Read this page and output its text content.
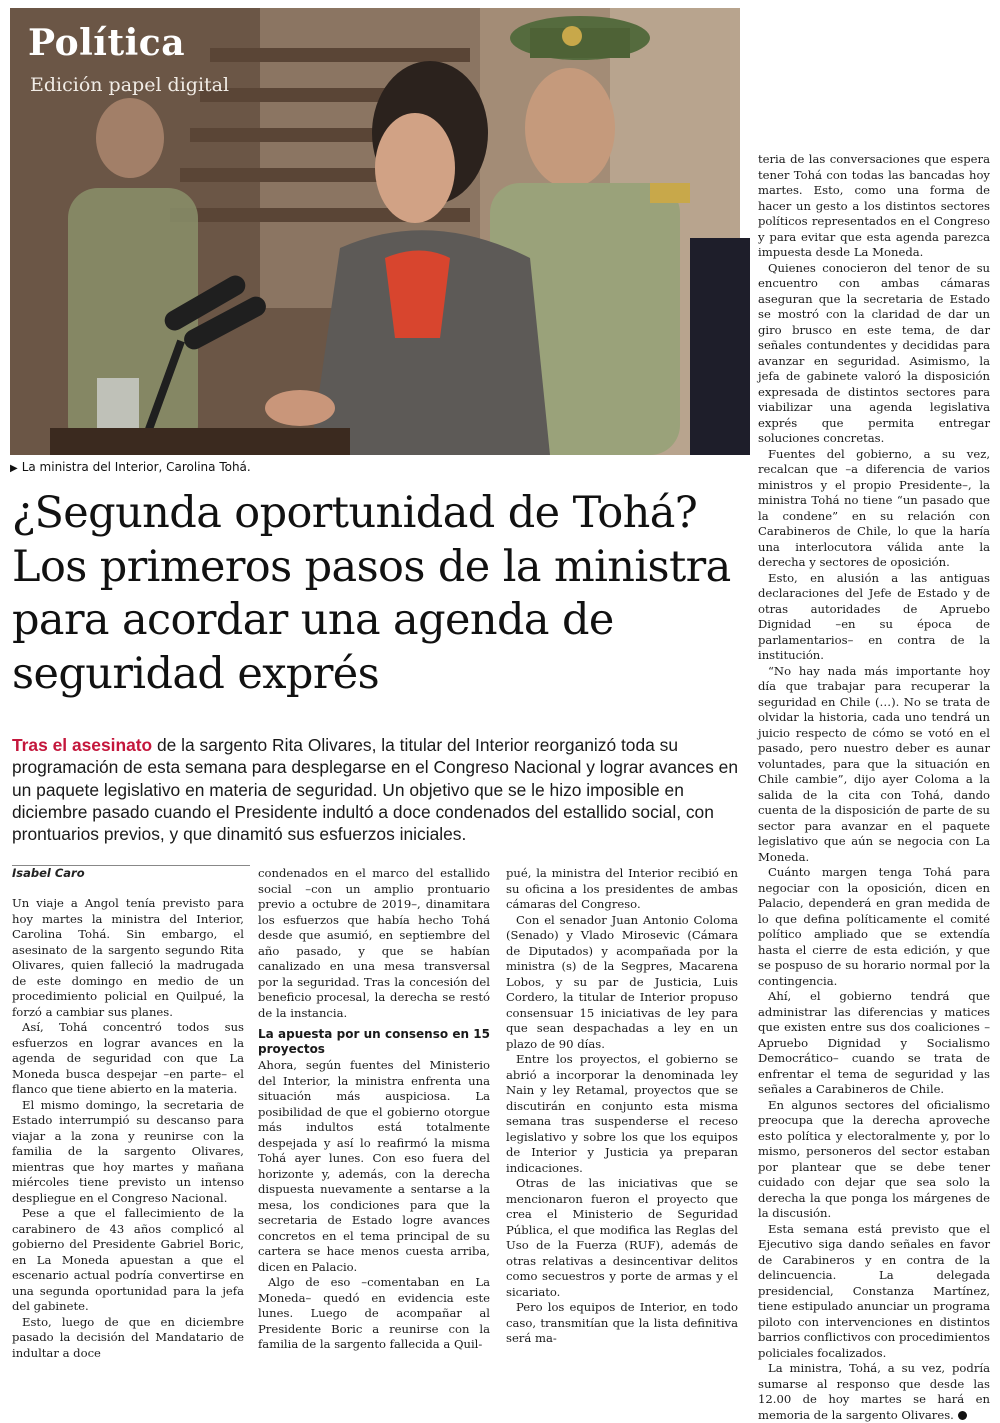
Política
Edición papel digital
▶ La ministra del Interior, Carolina Tohá.
¿Segunda oportunidad de Tohá? Los primeros pasos de la ministra para acordar una agenda de seguridad exprés
Tras el asesinato de la sargento Rita Olivares, la titular del Interior reorganizó toda su programación de esta semana para desplegarse en el Congreso Nacional y lograr avances en un paquete legislativo en materia de seguridad. Un objetivo que se le hizo imposible en diciembre pasado cuando el Presidente indultó a doce condenados del estallido social, con prontuarios previos, y que dinamitó sus esfuerzos iniciales.
Isabel Caro

Un viaje a Angol tenía previsto para hoy martes la ministra del Interior, Carolina Tohá. Sin embargo, el asesinato de la sargento segundo Rita Olivares, quien falleció la madrugada de este domingo en medio de un procedimiento policial en Quilpué, la forzó a cambiar sus planes.

Así, Tohá concentró todos sus esfuerzos en lograr avances en la agenda de seguridad con que La Moneda busca despejar –en parte– el flanco que tiene abierto en la materia.

El mismo domingo, la secretaria de Estado interrumpió su descanso para viajar a la zona y reunirse con la familia de la sargento Olivares, mientras que hoy martes y mañana miércoles tiene previsto un intenso despliegue en el Congreso Nacional.

Pese a que el fallecimiento de la carabinero de 43 años complicó al gobierno del Presidente Gabriel Boric, en La Moneda apuestan a que el escenario actual podría convertirse en una segunda oportunidad para la jefa del gabinete.

Esto, luego de que en diciembre pasado la decisión del Mandatario de indultar a doce

condenados en el marco del estallido social –con un amplio prontuario previo a octubre de 2019–, dinamitara los esfuerzos que había hecho Tohá desde que asumió, en septiembre del año pasado, y que se habían canalizado en una mesa transversal por la seguridad. Tras la concesión del beneficio procesal, la derecha se restó de la instancia.

La apuesta por un consenso en 15 proyectos

Ahora, según fuentes del Ministerio del Interior, la ministra enfrenta una situación más auspiciosa. La posibilidad de que el gobierno otorgue más indultos está totalmente despejada y así lo reafirmó la misma Tohá ayer lunes. Con eso fuera del horizonte y, además, con la derecha dispuesta nuevamente a sentarse a la mesa, los condiciones para que la secretaria de Estado logre avances concretos en el tema principal de su cartera se hace menos cuesta arriba, dicen en Palacio.

Algo de eso –comentaban en La Moneda– quedó en evidencia este lunes. Luego de acompañar al Presidente Boric a reunirse con la familia de la sargento fallecida a Quil-

pué, la ministra del Interior recibió en su oficina a los presidentes de ambas cámaras del Congreso.

Con el senador Juan Antonio Coloma (Senado) y Vlado Mirosevic (Cámara de Diputados) y acompañada por la ministra (s) de la Segpres, Macarena Lobos, y su par de Justicia, Luis Cordero, la titular de Interior propuso consensuar 15 iniciativas de ley para que sean despachadas a ley en un plazo de 90 días.

Entre los proyectos, el gobierno se abrió a incorporar la denominada ley Nain y ley Retamal, proyectos que se discutirán en conjunto esta misma semana tras suspenderse el receso legislativo y sobre los que los equipos de Interior y Justicia ya preparan indicaciones.

Otras de las iniciativas que se mencionaron fueron el proyecto que crea el Ministerio de Seguridad Pública, el que modifica las Reglas del Uso de la Fuerza (RUF), además de otras relativas a desincentivar delitos como secuestros y porte de armas y el sicariato.

Pero los equipos de Interior, en todo caso, transmitían que la lista definitiva será ma-

teria de las conversaciones que espera tener Tohá con todas las bancadas hoy martes. Esto, como una forma de hacer un gesto a los distintos sectores políticos representados en el Congreso y para evitar que esta agenda parezca impuesta desde La Moneda.

Quienes conocieron del tenor de su encuentro con ambas cámaras aseguran que la secretaria de Estado se mostró con la claridad de dar un giro brusco en este tema, de dar señales contundentes y decididas para avanzar en seguridad. Asimismo, la jefa de gabinete valoró la disposición expresada de distintos sectores para viabilizar una agenda legislativa exprés que permita entregar soluciones concretas.

Fuentes del gobierno, a su vez, recalcan que –a diferencia de varios ministros y el propio Presidente–, la ministra Tohá no tiene “un pasado que la condene” en su relación con Carabineros de Chile, lo que la haría una interlocutora válida ante la derecha y sectores de oposición.

Esto, en alusión a las antiguas declaraciones del Jefe de Estado y de otras autoridades de Apruebo Dignidad –en su época de parlamentarios– en contra de la institución.

“No hay nada más importante hoy día que trabajar para recuperar la seguridad en Chile (…). No se trata de olvidar la historia, cada uno tendrá un juicio respecto de cómo se votó en el pasado, pero nuestro deber es aunar voluntades, para que la situación en Chile cambie”, dijo ayer Coloma a la salida de la cita con Tohá, dando cuenta de la disposición de parte de su sector para avanzar en el paquete legislativo que aún se negocia con La Moneda.

Cuánto margen tenga Tohá para negociar con la oposición, dicen en Palacio, dependerá en gran medida de lo que defina políticamente el comité político ampliado que se extendía hasta el cierre de esta edición, y que se pospuso de su horario normal por la contingencia.

Ahí, el gobierno tendrá que administrar las diferencias y matices que existen entre sus dos coaliciones –Apruebo Dignidad y Socialismo Democrático– cuando se trata de enfrentar el tema de seguridad y las señales a Carabineros de Chile.

En algunos sectores del oficialismo preocupa que la derecha aproveche esto política y electoralmente y, por lo mismo, personeros del sector estaban por plantear que se debe tener cuidado con dejar que sea solo la derecha la que ponga los márgenes de la discusión.

Esta semana está previsto que el Ejecutivo siga dando señales en favor de Carabineros y en contra de la delincuencia. La delegada presidencial, Constanza Martínez, tiene estipulado anunciar un programa piloto con intervenciones en distintos barrios conflictivos con procedimientos policiales focalizados.

La ministra, Tohá, a su vez, podría sumarse al responso que desde las 12.00 de hoy martes se hará en memoria de la sargento Olivares.
